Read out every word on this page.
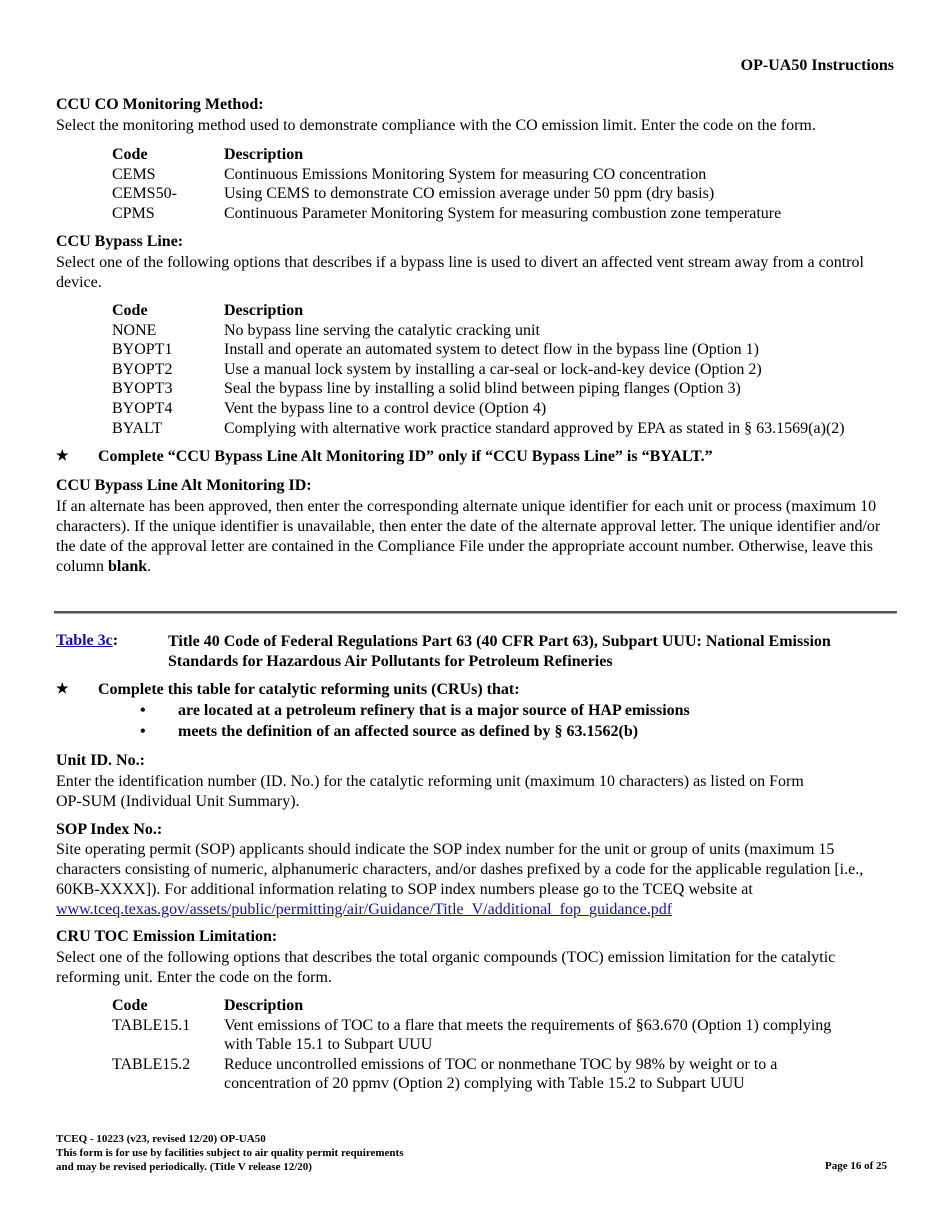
OP-UA50 Instructions
CCU CO Monitoring Method:
Select the monitoring method used to demonstrate compliance with the CO emission limit. Enter the code on the form.
Code	Description
CEMS	Continuous Emissions Monitoring System for measuring CO concentration
CEMS50-	Using CEMS to demonstrate CO emission average under 50 ppm (dry basis)
CPMS	Continuous Parameter Monitoring System for measuring combustion zone temperature
CCU Bypass Line:
Select one of the following options that describes if a bypass line is used to divert an affected vent stream away from a control device.
Code	Description
NONE	No bypass line serving the catalytic cracking unit
BYOPT1	Install and operate an automated system to detect flow in the bypass line (Option 1)
BYOPT2	Use a manual lock system by installing a car-seal or lock-and-key device (Option 2)
BYOPT3	Seal the bypass line by installing a solid blind between piping flanges (Option 3)
BYOPT4	Vent the bypass line to a control device (Option 4)
BYALT	Complying with alternative work practice standard approved by EPA as stated in § 63.1569(a)(2)
★	Complete “CCU Bypass Line Alt Monitoring ID” only if “CCU Bypass Line” is “BYALT.”
CCU Bypass Line Alt Monitoring ID:
If an alternate has been approved, then enter the corresponding alternate unique identifier for each unit or process (maximum 10 characters). If the unique identifier is unavailable, then enter the date of the alternate approval letter. The unique identifier and/or the date of the approval letter are contained in the Compliance File under the appropriate account number. Otherwise, leave this column blank.
Table 3c:	Title 40 Code of Federal Regulations Part 63 (40 CFR Part 63), Subpart UUU: National Emission Standards for Hazardous Air Pollutants for Petroleum Refineries
★	Complete this table for catalytic reforming units (CRUs) that:
•	are located at a petroleum refinery that is a major source of HAP emissions
•	meets the definition of an affected source as defined by § 63.1562(b)
Unit ID. No.:
Enter the identification number (ID. No.) for the catalytic reforming unit (maximum 10 characters) as listed on Form OP-SUM (Individual Unit Summary).
SOP Index No.:
Site operating permit (SOP) applicants should indicate the SOP index number for the unit or group of units (maximum 15 characters consisting of numeric, alphanumeric characters, and/or dashes prefixed by a code for the applicable regulation [i.e., 60KB-XXXX]). For additional information relating to SOP index numbers please go to the TCEQ website at www.tceq.texas.gov/assets/public/permitting/air/Guidance/Title_V/additional_fop_guidance.pdf
CRU TOC Emission Limitation:
Select one of the following options that describes the total organic compounds (TOC) emission limitation for the catalytic reforming unit. Enter the code on the form.
Code	Description
TABLE15.1	Vent emissions of TOC to a flare that meets the requirements of §63.670 (Option 1) complying
with Table 15.1 to Subpart UUU
TABLE15.2	Reduce uncontrolled emissions of TOC or nonmethane TOC by 98% by weight or to a
concentration of 20 ppmv (Option 2) complying with Table 15.2 to Subpart UUU
TCEQ - 10223 (v23, revised 12/20) OP-UA50
This form is for use by facilities subject to air quality permit requirements
and may be revised periodically. (Title V release 12/20)	Page 16 of 25
